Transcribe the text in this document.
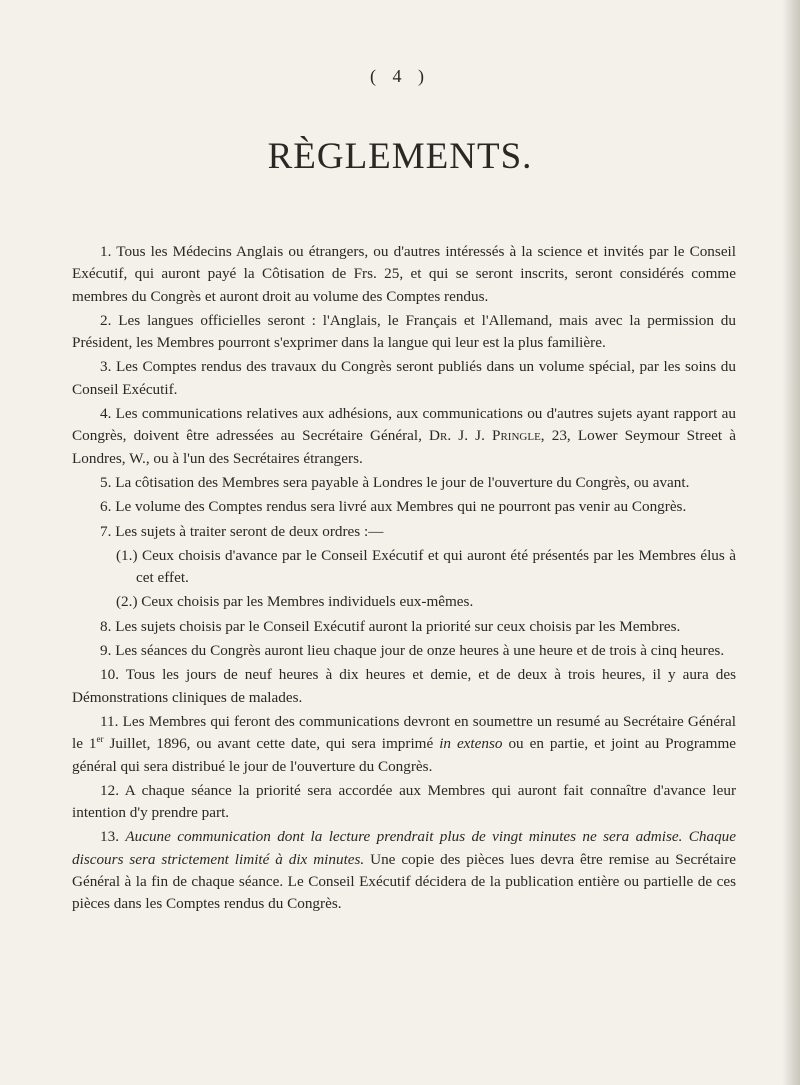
( 4 )
RÈGLEMENTS.

1. Tous les Médecins Anglais ou étrangers, ou d'autres intéressés à la science et invités par le Conseil Exécutif, qui auront payé la Côtisation de Frs. 25, et qui se seront inscrits, seront considérés comme membres du Congrès et auront droit au volume des Comptes rendus.

2. Les langues officielles seront : l'Anglais, le Français et l'Allemand, mais avec la permission du Président, les Membres pourront s'exprimer dans la langue qui leur est la plus familière.

3. Les Comptes rendus des travaux du Congrès seront publiés dans un volume spécial, par les soins du Conseil Exécutif.

4. Les communications relatives aux adhésions, aux communications ou d'autres sujets ayant rapport au Congrès, doivent être adressées au Secrétaire Général, Dr. J. J. Pringle, 23, Lower Seymour Street à Londres, W., ou à l'un des Secrétaires étrangers.

5. La côtisation des Membres sera payable à Londres le jour de l'ouverture du Congrès, ou avant.

6. Le volume des Comptes rendus sera livré aux Membres qui ne pourront pas venir au Congrès.

7. Les sujets à traiter seront de deux ordres :—

(1.) Ceux choisis d'avance par le Conseil Exécutif et qui auront été présentés par les Membres élus à cet effet.

(2.) Ceux choisis par les Membres individuels eux-mêmes.

8. Les sujets choisis par le Conseil Exécutif auront la priorité sur ceux choisis par les Membres.

9. Les séances du Congrès auront lieu chaque jour de onze heures à une heure et de trois à cinq heures.

10. Tous les jours de neuf heures à dix heures et demie, et de deux à trois heures, il y aura des Démonstrations cliniques de malades.

11. Les Membres qui feront des communications devront en soumettre un resumé au Secrétaire Général le 1er Juillet, 1896, ou avant cette date, qui sera imprimé in extenso ou en partie, et joint au Programme général qui sera distribué le jour de l'ouverture du Congrès.

12. A chaque séance la priorité sera accordée aux Membres qui auront fait connaître d'avance leur intention d'y prendre part.

13. Aucune communication dont la lecture prendrait plus de vingt minutes ne sera admise. Chaque discours sera strictement limité à dix minutes. Une copie des pièces lues devra être remise au Secrétaire Général à la fin de chaque séance. Le Conseil Exécutif décidera de la publication entière ou partielle de ces pièces dans les Comptes rendus du Congrès.
